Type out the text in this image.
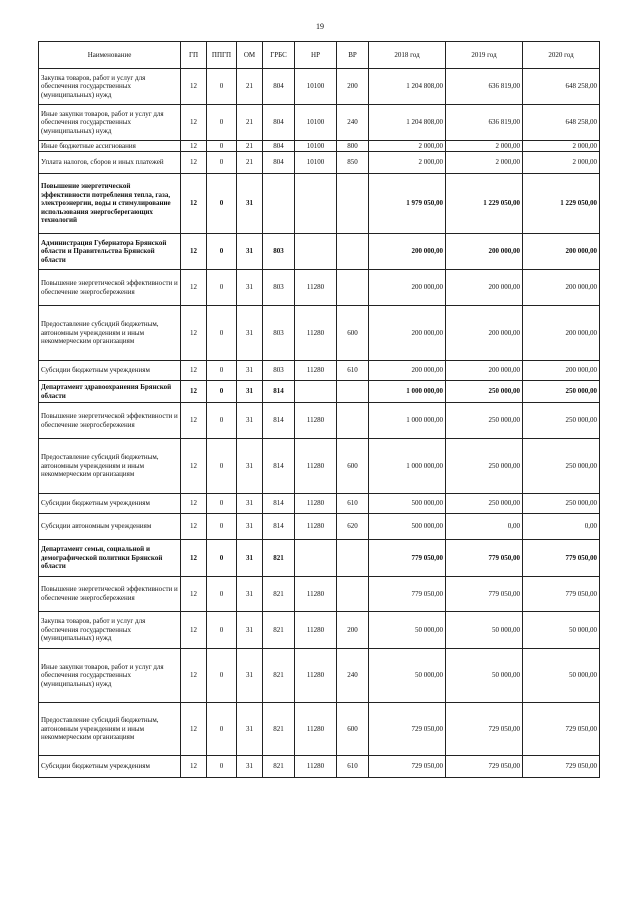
19
Наименование	ГП	ППГП	ОМ	ГРБС	НР	ВР	2018 год	2019 год	2020 год
Закупка товаров, работ и услуг для обеспечения государственных (муниципальных) нужд	12	0	21	804	10100	200	1 204 808,00	636 819,00	648 258,00
Иные закупки товаров, работ и услуг для обеспечения государственных (муниципальных) нужд	12	0	21	804	10100	240	1 204 808,00	636 819,00	648 258,00
Иные бюджетные ассигнования	12	0	21	804	10100	800	2 000,00	2 000,00	2 000,00
Уплата налогов, сборов и иных платежей	12	0	21	804	10100	850	2 000,00	2 000,00	2 000,00
Повышение энергетической эффективности потребления тепла, газа, электроэнергии, воды и стимулирование использования энергосберегающих технологий	12	0	31				1 979 050,00	1 229 050,00	1 229 050,00
Администрация Губернатора Брянской области и Правительства Брянской области	12	0	31	803			200 000,00	200 000,00	200 000,00
Повышение энергетической эффективности и обеспечение энергосбережения	12	0	31	803	11280		200 000,00	200 000,00	200 000,00
Предоставление субсидий бюджетным, автономным учреждениям и иным некоммерческим организациям	12	0	31	803	11280	600	200 000,00	200 000,00	200 000,00
Субсидии бюджетным учреждениям	12	0	31	803	11280	610	200 000,00	200 000,00	200 000,00
Департамент здравоохранения Брянской области	12	0	31	814			1 000 000,00	250 000,00	250 000,00
Повышение энергетической эффективности и обеспечение энергосбережения	12	0	31	814	11280		1 000 000,00	250 000,00	250 000,00
Предоставление субсидий бюджетным, автономным учреждениям и иным некоммерческим организациям	12	0	31	814	11280	600	1 000 000,00	250 000,00	250 000,00
Субсидии бюджетным учреждениям	12	0	31	814	11280	610	500 000,00	250 000,00	250 000,00
Субсидии автономным учреждениям	12	0	31	814	11280	620	500 000,00	0,00	0,00
Департамент семьи, социальной и демографической политики Брянской области	12	0	31	821			779 050,00	779 050,00	779 050,00
Повышение энергетической эффективности и обеспечение энергосбережения	12	0	31	821	11280		779 050,00	779 050,00	779 050,00
Закупка товаров, работ и услуг для обеспечения государственных (муниципальных) нужд	12	0	31	821	11280	200	50 000,00	50 000,00	50 000,00
Иные закупки товаров, работ и услуг для обеспечения государственных (муниципальных) нужд	12	0	31	821	11280	240	50 000,00	50 000,00	50 000,00
Предоставление субсидий бюджетным, автономным учреждениям и иным некоммерческим организациям	12	0	31	821	11280	600	729 050,00	729 050,00	729 050,00
Субсидии бюджетным учреждениям	12	0	31	821	11280	610	729 050,00	729 050,00	729 050,00
